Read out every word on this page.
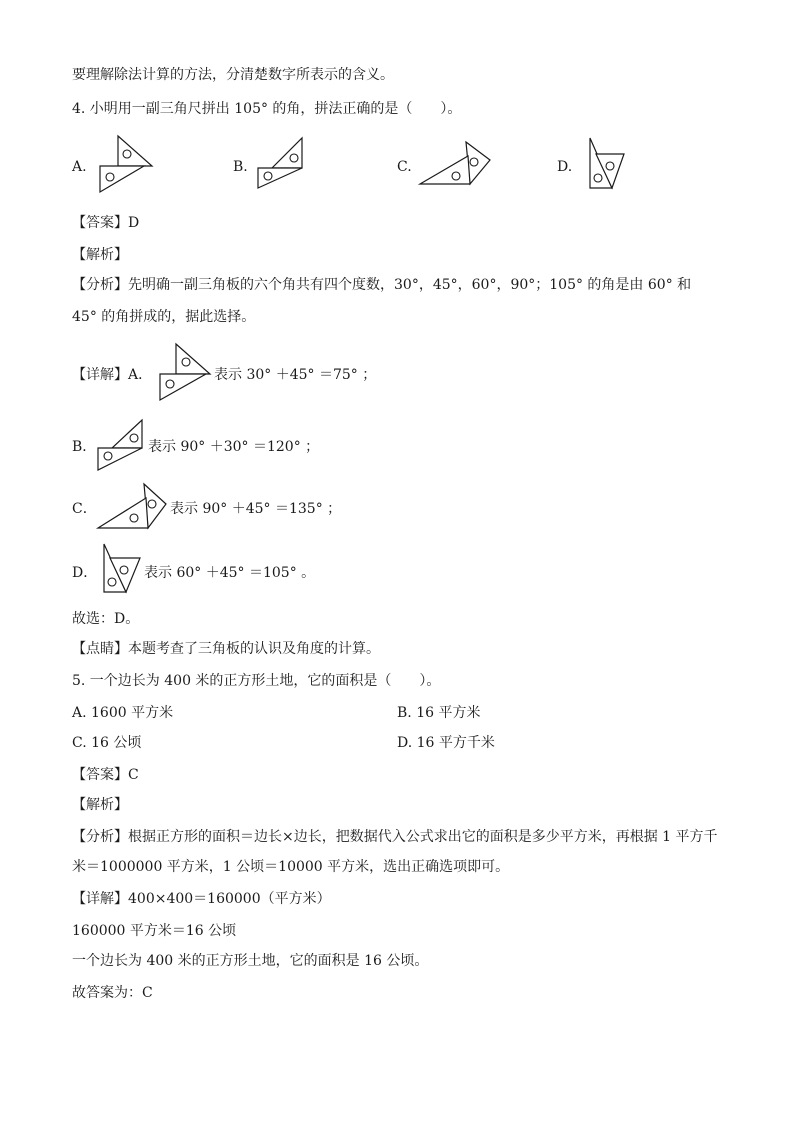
要理解除法计算的方法，分清楚数字所表示的含义。
4. 小明用一副三角尺拼出 105° 的角，拼法正确的是（　　）。
A.	B.	C.	D.
【答案】D
【解析】
【分析】先明确一副三角板的六个角共有四个度数，30°，45°，60°，90°；105° 的角是由 60° 和
45° 的角拼成的，据此选择。
【详解】A．	表示 30° ＋45° ＝75° ；
B．	表示 90° ＋30° ＝120° ；
C．	表示 90° ＋45° ＝135° ；
D．	表示 60° ＋45° ＝105° 。
故选：D。
【点睛】本题考查了三角板的认识及角度的计算。
5. 一个边长为 400 米的正方形土地，它的面积是（　　）。
A. 1600 平方米	B. 16 平方米
C. 16 公顷	D. 16 平方千米
【答案】C
【解析】
【分析】根据正方形的面积＝边长×边长，把数据代入公式求出它的面积是多少平方米，再根据 1 平方千
米＝1000000 平方米，1 公顷＝10000 平方米，选出正确选项即可。
【详解】400×400＝160000（平方米）
160000 平方米＝16 公顷
一个边长为 400 米的正方形土地，它的面积是 16 公顷。
故答案为：C
